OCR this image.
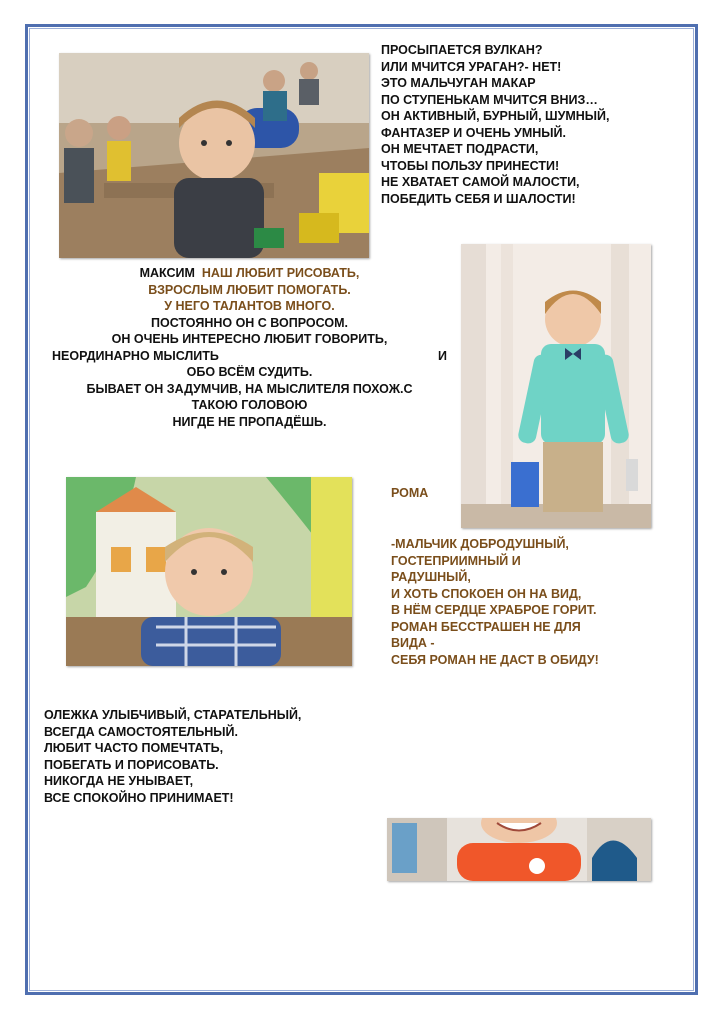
ПРОСЫПАЕТСЯ ВУЛКАН?
ИЛИ МЧИТСЯ УРАГАН?- НЕТ!
ЭТО МАЛЬЧУГАН МАКАР
ПО СТУПЕНЬКАМ МЧИТСЯ ВНИЗ…
ОН АКТИВНЫЙ, БУРНЫЙ, ШУМНЫЙ,
ФАНТАЗЕР И ОЧЕНЬ УМНЫЙ.
ОН МЕЧТАЕТ ПОДРАСТИ,
ЧТОБЫ ПОЛЬЗУ ПРИНЕСТИ!
НЕ ХВАТАЕТ САМОЙ МАЛОСТИ,
ПОБЕДИТЬ СЕБЯ И ШАЛОСТИ!
МАКСИМ НАШ ЛЮБИТ РИСОВАТЬ,
ВЗРОСЛЫМ ЛЮБИТ ПОМОГАТЬ.
У НЕГО ТАЛАНТОВ МНОГО.
ПОСТОЯННО ОН С ВОПРОСОМ.
ОН ОЧЕНЬ ИНТЕРЕСНО ЛЮБИТ ГОВОРИТЬ,
НЕОРДИНАРНО МЫСЛИТЬ	И
ОБО ВСЁМ СУДИТЬ.
БЫВАЕТ ОН ЗАДУМЧИВ, НА МЫСЛИТЕЛЯ ПОХОЖ.С
ТАКОЮ ГОЛОВОЮ
НИГДЕ НЕ ПРОПАДЁШЬ.
РОМА
-МАЛЬЧИК ДОБРОДУШНЫЙ,
ГОСТЕПРИИМНЫЙ И
РАДУШНЫЙ,
И ХОТЬ СПОКОЕН ОН НА ВИД,
В НЁМ СЕРДЦЕ ХРАБРОЕ ГОРИТ.
РОМАН БЕССТРАШЕН НЕ ДЛЯ
ВИДА -
СЕБЯ РОМАН НЕ ДАСТ В ОБИДУ!
ОЛЕЖКА УЛЫБЧИВЫЙ, СТАРАТЕЛЬНЫЙ,
ВСЕГДА САМОСТОЯТЕЛЬНЫЙ.
ЛЮБИТ ЧАСТО ПОМЕЧТАТЬ,
ПОБЕГАТЬ И ПОРИСОВАТЬ.
НИКОГДА НЕ УНЫВАЕТ,
ВСЕ СПОКОЙНО ПРИНИМАЕТ!
